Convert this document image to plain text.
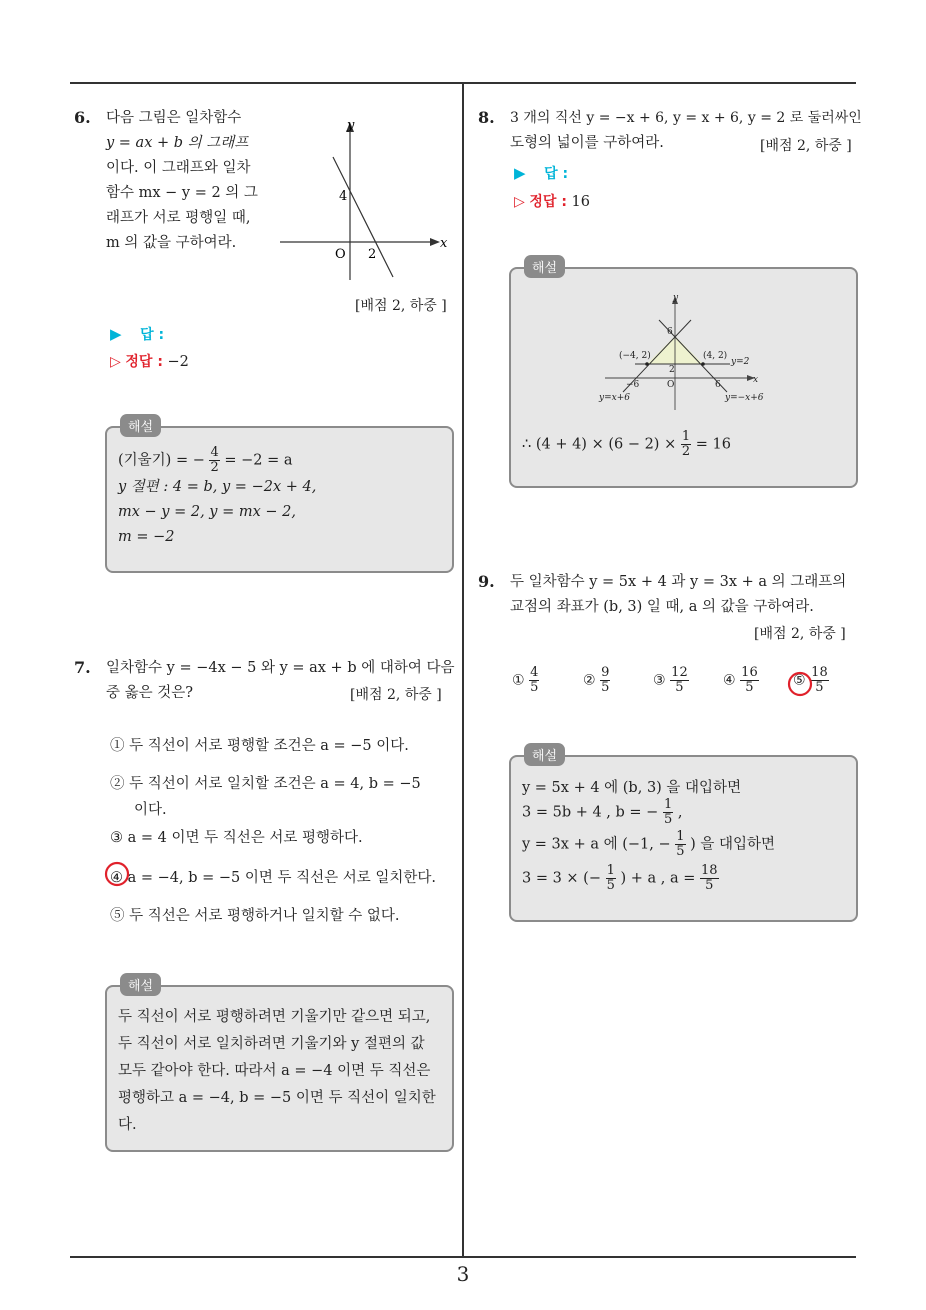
6. 다음 그림은 일차함수
y = ax + b 의 그래프
이다. 이 그래프와 일차
함수 mx − y = 2 의 그
래프가 서로 평행일 때,
m 의 값을 구하여라.
y
x
O
4
2
[배점 2, 하중 ]
▶ 답 :
▷ 정답 : −2
해설
(기울기) = − $\frac{4}{2} = -2 = a$
y 절편 : 4 = b, y = −2x + 4,
mx − y = 2, y = mx − 2,
m = −2
7. 일차함수 y = −4x − 5 와 y = ax + b 에 대하여 다음
중 옳은 것은?	[배점 2, 하중 ]
① 두 직선이 서로 평행할 조건은 a = −5 이다.
② 두 직선이 서로 일치할 조건은 a = 4, b = −5
이다.
③ a = 4 이면 두 직선은 서로 평행하다.
④ a = −4, b = −5 이면 두 직선은 서로 일치한다.
⑤ 두 직선은 서로 평행하거나 일치할 수 없다.
해설
두 직선이 서로 평행하려면 기울기만 같으면 되고,
두 직선이 서로 일치하려면 기울기와 y 절편의 값
모두 같아야 한다. 따라서 a = −4 이면 두 직선은
평행하고 a = −4, b = −5 이면 두 직선이 일치한
다.
8. 3 개의 직선 y = −x + 6, y = x + 6, y = 2 로 둘러싸인
도형의 넓이를 구하여라.	[배점 2, 하중 ]
▶ 답 :
▷ 정답 : 16
해설
y
x
6
2
O
−6	6
(−4, 2)	(4, 2)
y=2
y=x+6	y=−x+6
∴ $(4 + 4) \times (6 - 2) \times \frac{1}{2} = 16$
9. 두 일차함수 y = 5x + 4 과 y = 3x + a 의 그래프의
교점의 좌표가 (b, 3) 일 때, a 의 값을 구하여라.
[배점 2, 하중 ]
① $\frac{4}{5}$	② $\frac{9}{5}$	③ $\frac{12}{5}$ ④ $\frac{16}{5}$ ⑤ $\frac{18}{5}$
해설
y = 5x + 4 에 (b, 3) 을 대입하면
3 = 5b + 4 , b = − $\frac{1}{5}$ ,
y = 3x + a 에 (−1, − $\frac{1}{5}$ ) 을 대입하면
3 = 3 × (− $\frac{1}{5}$ ) + a , $a = \frac{18}{5}$
3
